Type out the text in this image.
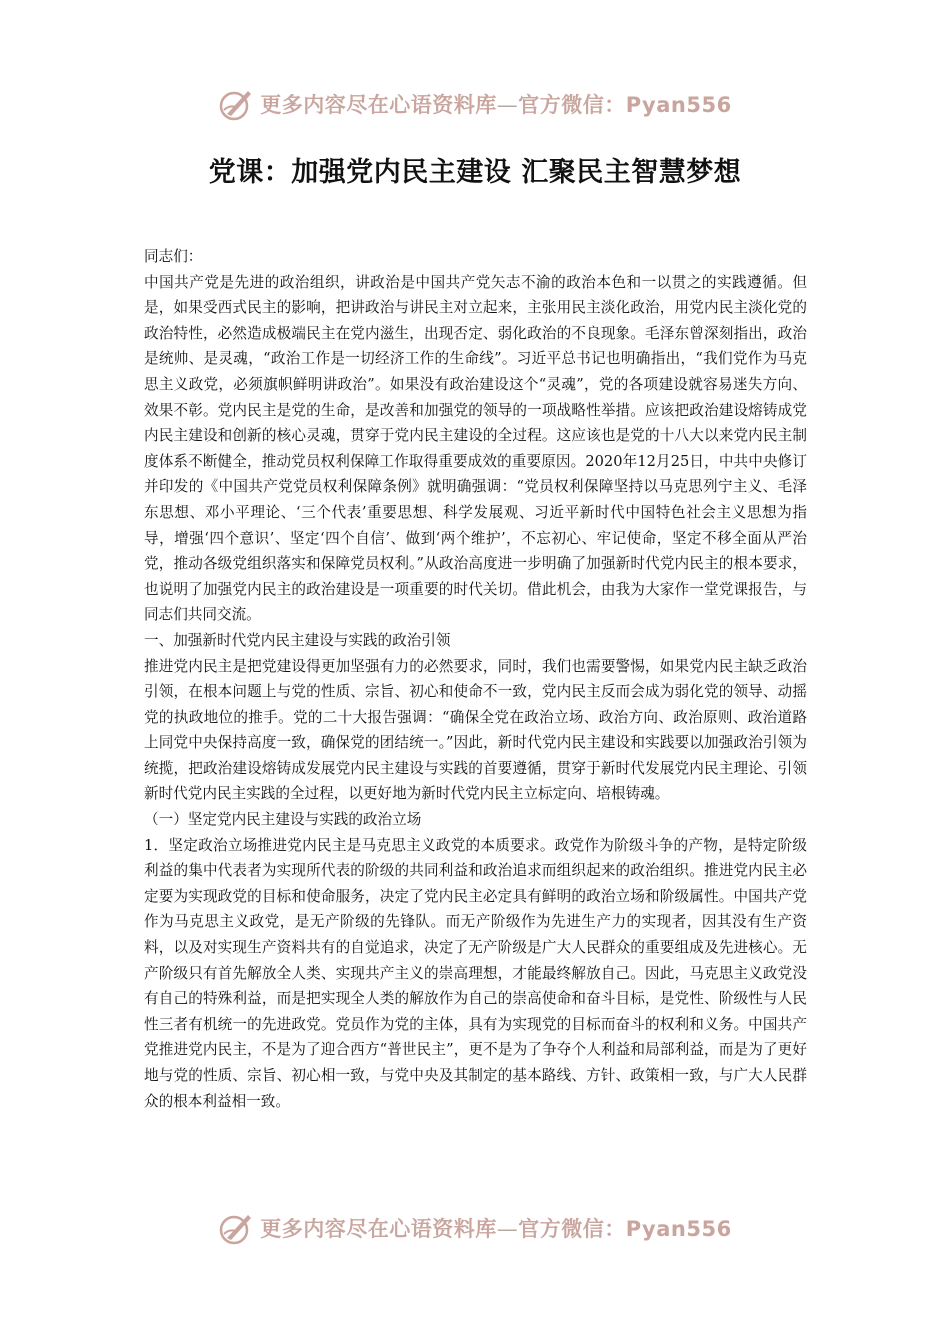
更多内容尽在心语资料库—官方微信：Pyan556
党课：加强党内民主建设 汇聚民主智慧梦想

同志们：

中国共产党是先进的政治组织，讲政治是中国共产党矢志不渝的政治本色和一以贯之的实践遵循。但是，如果受西式民主的影响，把讲政治与讲民主对立起来，主张用民主淡化政治，用党内民主淡化党的政治特性，必然造成极端民主在党内滋生，出现否定、弱化政治的不良现象。毛泽东曾深刻指出，政治是统帅、是灵魂，“政治工作是一切经济工作的生命线”。习近平总书记也明确指出，“我们党作为马克思主义政党，必须旗帜鲜明讲政治”。如果没有政治建设这个“灵魂”，党的各项建设就容易迷失方向、效果不彰。党内民主是党的生命，是改善和加强党的领导的一项战略性举措。应该把政治建设熔铸成党内民主建设和创新的核心灵魂，贯穿于党内民主建设的全过程。这应该也是党的十八大以来党内民主制度体系不断健全，推动党员权利保障工作取得重要成效的重要原因。2020年12月25日，中共中央修订并印发的《中国共产党党员权利保障条例》就明确强调：“党员权利保障坚持以马克思列宁主义、毛泽东思想、邓小平理论、‘三个代表’重要思想、科学发展观、习近平新时代中国特色社会主义思想为指导，增强‘四个意识’、坚定‘四个自信’、做到‘两个维护’，不忘初心、牢记使命，坚定不移全面从严治党，推动各级党组织落实和保障党员权利。”从政治高度进一步明确了加强新时代党内民主的根本要求，也说明了加强党内民主的政治建设是一项重要的时代关切。借此机会，由我为大家作一堂党课报告，与同志们共同交流。

一、加强新时代党内民主建设与实践的政治引领

推进党内民主是把党建设得更加坚强有力的必然要求，同时，我们也需要警惕，如果党内民主缺乏政治引领，在根本问题上与党的性质、宗旨、初心和使命不一致，党内民主反而会成为弱化党的领导、动摇党的执政地位的推手。党的二十大报告强调：“确保全党在政治立场、政治方向、政治原则、政治道路上同党中央保持高度一致，确保党的团结统一。”因此，新时代党内民主建设和实践要以加强政治引领为统揽，把政治建设熔铸成发展党内民主建设与实践的首要遵循，贯穿于新时代发展党内民主理论、引领新时代党内民主实践的全过程，以更好地为新时代党内民主立标定向、培根铸魂。

（一）坚定党内民主建设与实践的政治立场

1．坚定政治立场推进党内民主是马克思主义政党的本质要求。政党作为阶级斗争的产物，是特定阶级利益的集中代表者为实现所代表的阶级的共同利益和政治追求而组织起来的政治组织。推进党内民主必定要为实现政党的目标和使命服务，决定了党内民主必定具有鲜明的政治立场和阶级属性。中国共产党作为马克思主义政党，是无产阶级的先锋队。而无产阶级作为先进生产力的实现者，因其没有生产资料，以及对实现生产资料共有的自觉追求，决定了无产阶级是广大人民群众的重要组成及先进核心。无产阶级只有首先解放全人类、实现共产主义的崇高理想，才能最终解放自己。因此，马克思主义政党没有自己的特殊利益，而是把实现全人类的解放作为自己的崇高使命和奋斗目标，是党性、阶级性与人民性三者有机统一的先进政党。党员作为党的主体，具有为实现党的目标而奋斗的权利和义务。中国共产党推进党内民主，不是为了迎合西方“普世民主”，更不是为了争夺个人利益和局部利益，而是为了更好地与党的性质、宗旨、初心相一致，与党中央及其制定的基本路线、方针、政策相一致，与广大人民群众的根本利益相一致。

更多内容尽在心语资料库—官方微信：Pyan556
